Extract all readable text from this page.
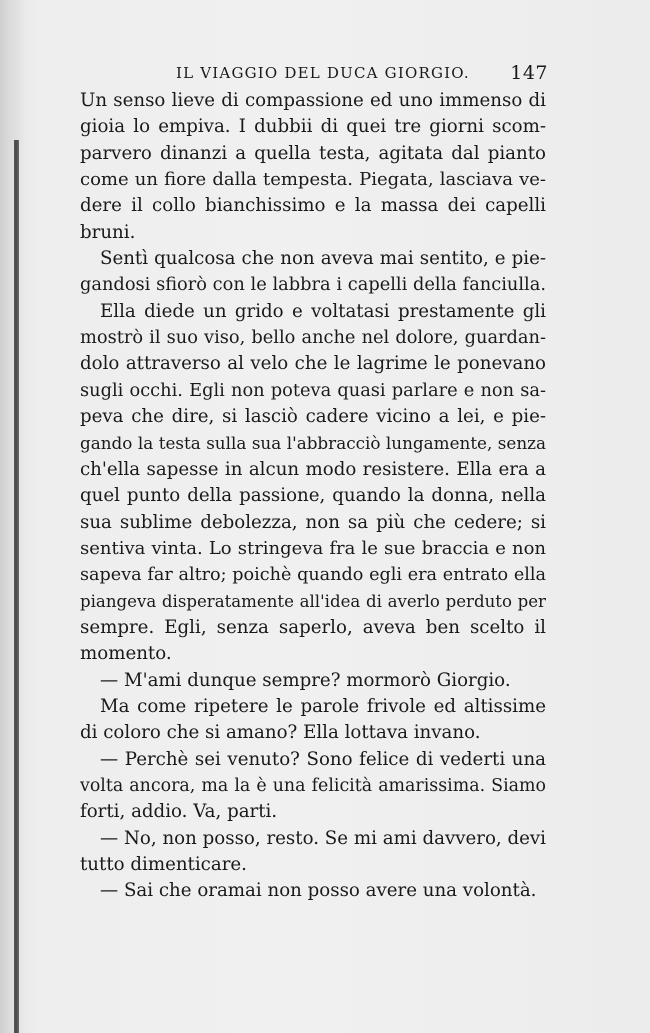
IL VIAGGIO DEL DUCA GIORGIO. 147
Un senso lieve di compassione ed uno immenso di
gioia lo empiva. I dubbii di quei tre giorni scom-
parvero dinanzi a quella testa, agitata dal pianto
come un fiore dalla tempesta. Piegata, lasciava ve-
dere il collo bianchissimo e la massa dei capelli
bruni.
Sentì qualcosa che non aveva mai sentito, e pie-
gandosi sfiorò con le labbra i capelli della fanciulla.
Ella diede un grido e voltatasi prestamente gli
mostrò il suo viso, bello anche nel dolore, guardan-
dolo attraverso al velo che le lagrime le ponevano
sugli occhi. Egli non poteva quasi parlare e non sa-
peva che dire, si lasciò cadere vicino a lei, e pie-
gando la testa sulla sua l'abbracciò lungamente, senza
ch'ella sapesse in alcun modo resistere. Ella era a
quel punto della passione, quando la donna, nella
sua sublime debolezza, non sa più che cedere; si
sentiva vinta. Lo stringeva fra le sue braccia e non
sapeva far altro; poichè quando egli era entrato ella
piangeva disperatamente all'idea di averlo perduto per
sempre. Egli, senza saperlo, aveva ben scelto il
momento.
— M'ami dunque sempre? mormorò Giorgio.
Ma come ripetere le parole frivole ed altissime
di coloro che si amano? Ella lottava invano.
— Perchè sei venuto? Sono felice di vederti una
volta ancora, ma la è una felicità amarissima. Siamo
forti, addio. Va, parti.
— No, non posso, resto. Se mi ami davvero, devi
tutto dimenticare.
— Sai che oramai non posso avere una volontà.
